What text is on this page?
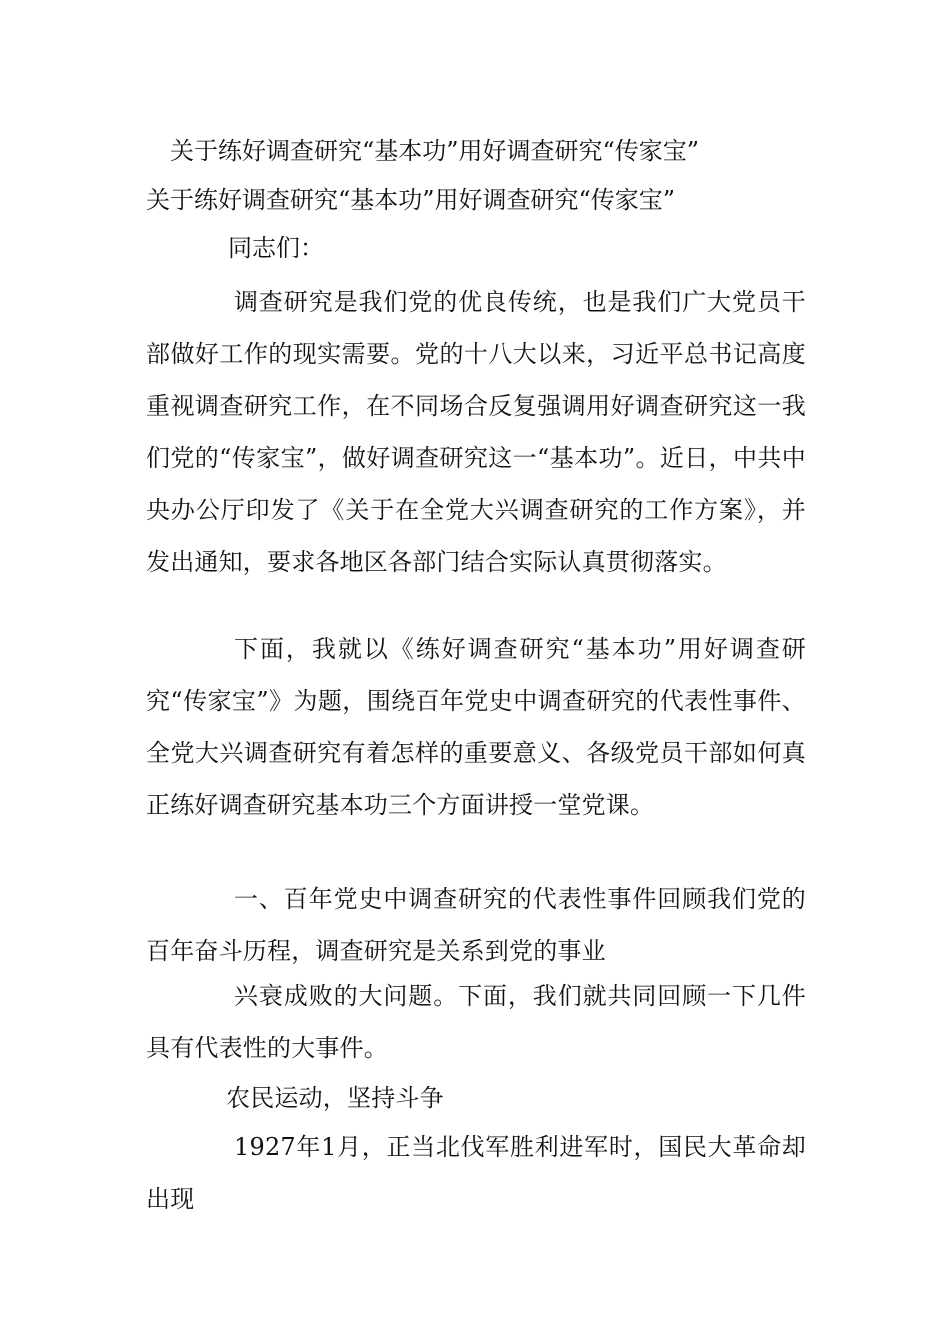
关于练好调查研究“基本功”用好调查研究“传家宝”
关于练好调查研究“基本功”用好调查研究“传家宝”
同志们：

调查研究是我们党的优良传统，也是我们广大党员干部做好工作的现实需要。党的十八大以来，习近平总书记高度重视调查研究工作，在不同场合反复强调用好调查研究这一我们党的“传家宝”，做好调查研究这一“基本功”。近日，中共中央办公厅印发了《关于在全党大兴调查研究的工作方案》，并发出通知，要求各地区各部门结合实际认真贯彻落实。

下面，我就以《练好调查研究“基本功”用好调查研究“传家宝”》为题，围绕百年党史中调查研究的代表性事件、全党大兴调查研究有着怎样的重要意义、各级党员干部如何真正练好调查研究基本功三个方面讲授一堂党课。

一、百年党史中调查研究的代表性事件回顾我们党的百年奋斗历程，调查研究是关系到党的事业

兴衰成败的大问题。下面，我们就共同回顾一下几件具有代表性的大事件。

农民运动，坚持斗争

1927年1月，正当北伐军胜利进军时，国民大革命却出现
